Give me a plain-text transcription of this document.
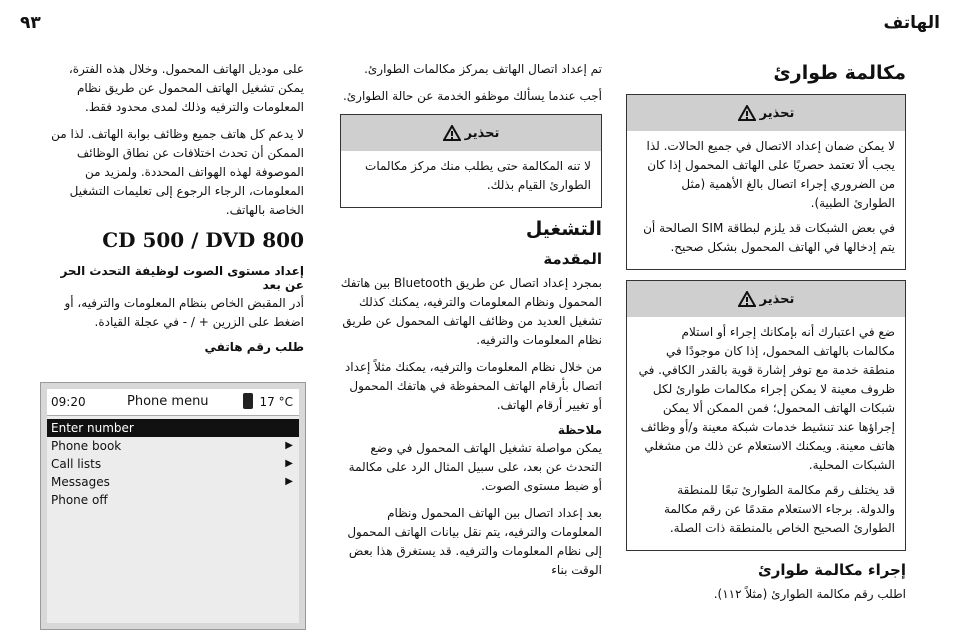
الهاتف
٩٣
مكالمة طوارئ
تحذير

لا يمكن ضمان إعداد الاتصال في جميع الحالات. لذا يجب ألا تعتمد حصريًا على الهاتف المحمول إذا كان من الضروري إجراء اتصال بالغ الأهمية (مثل الطوارئ الطبية).

في بعض الشبكات قد يلزم لبطاقة SIM الصالحة أن يتم إدخالها في الهاتف المحمول بشكل صحيح.

تحذير

ضع في اعتبارك أنه بإمكانك إجراء أو استلام مكالمات بالهاتف المحمول، إذا كان موجودًا في منطقة خدمة مع توفر إشارة قوية بالقدر الكافي. في ظروف معينة لا يمكن إجراء مكالمات طوارئ لكل شبكات الهاتف المحمول؛ فمن الممكن ألا يمكن إجراؤها عند تنشيط خدمات شبكة معينة و/أو وظائف هاتف معينة. ويمكنك الاستعلام عن ذلك من مشغلي الشبكات المحلية.

قد يختلف رقم مكالمة الطوارئ تبعًا للمنطقة والدولة. برجاء الاستعلام مقدمًا عن رقم مكالمة الطوارئ الصحيح الخاص بالمنطقة ذات الصلة.

إجراء مكالمة طوارئ

اطلب رقم مكالمة الطوارئ (مثلاً ١١٢).

تم إعداد اتصال الهاتف بمركز مكالمات الطوارئ.

أجب عندما يسألك موظفو الخدمة عن حالة الطوارئ.

تحذير

لا تنه المكالمة حتى يطلب منك مركز مكالمات الطوارئ القيام بذلك.

التشغيل
المقدمة

بمجرد إعداد اتصال عن طريق Bluetooth بين هاتفك المحمول ونظام المعلومات والترفيه، يمكنك كذلك تشغيل العديد من وظائف الهاتف المحمول عن طريق نظام المعلومات والترفيه.

من خلال نظام المعلومات والترفيه، يمكنك مثلاً إعداد اتصال بأرقام الهاتف المحفوظة في هاتفك المحمول أو تغيير أرقام الهاتف.

ملاحظة

يمكن مواصلة تشغيل الهاتف المحمول في وضع التحدث عن بعد، على سبيل المثال الرد على مكالمة أو ضبط مستوى الصوت.

بعد إعداد اتصال بين الهاتف المحمول ونظام المعلومات والترفيه، يتم نقل بيانات الهاتف المحمول إلى نظام المعلومات والترفيه. قد يستغرق هذا بعض الوقت بناء

على موديل الهاتف المحمول. وخلال هذه الفترة، يمكن تشغيل الهاتف المحمول عن طريق نظام المعلومات والترفيه وذلك لمدى محدود فقط.

لا يدعم كل هاتف جميع وظائف بوابة الهاتف. لذا من الممكن أن تحدث اختلافات عن نطاق الوظائف الموصوفة لهذه الهواتف المحددة. ولمزيد من المعلومات، الرجاء الرجوع إلى تعليمات التشغيل الخاصة بالهاتف.

CD 500 / DVD 800
إعداد مستوى الصوت لوظيفة التحدث الحر عن بعد

أدر المقبض الخاص بنظام المعلومات والترفيه، أو اضغط على الزرين + / - في عجلة القيادة.

طلب رقم هاتفي
09:20	Phone menu	17 °C
Enter number
Phone book	▶
Call lists	▶
Messages	▶
Phone off
